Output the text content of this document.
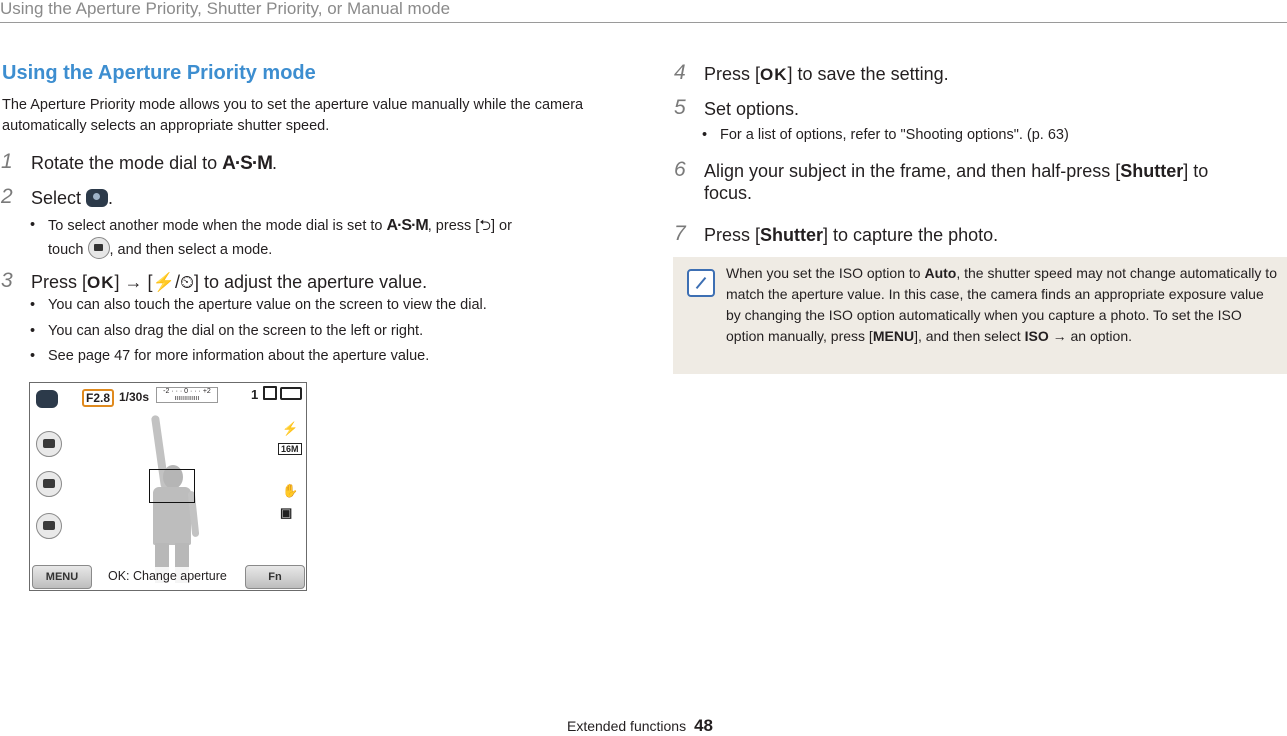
Using the Aperture Priority, Shutter Priority, or Manual mode
Using the Aperture Priority mode
The Aperture Priority mode allows you to set the aperture value manually while the camera automatically selects an appropriate shutter speed.
1 Rotate the mode dial to A·S·M.
2 Select .
• To select another mode when the mode dial is set to A·S·M, press [⮌] or
touch , and then select a mode.
3 Press [OK] → [⚡/⏲] to adjust the aperture value.
• You can also touch the aperture value on the screen to view the dial.
• You can also drag the dial on the screen to the left or right.
• See page 47 for more information about the aperture value.
F2.8 1/30s	-2 · · · 0 · · · +2
ııııııııııııı	1
⚡
16M
✋
▣
MENU	OK: Change aperture	Fn
4 Press [OK] to save the setting.
5 Set options.
• For a list of options, refer to "Shooting options". (p. 63)
6 Align your subject in the frame, and then half-press [Shutter] to
focus.
7 Press [Shutter] to capture the photo.
When you set the ISO option to Auto, the shutter speed may not change automatically to match the aperture value. In this case, the camera finds an appropriate exposure value by changing the ISO option automatically when you capture a photo. To set the ISO option manually, press [MENU], and then select ISO → an option.
Extended functions 48
